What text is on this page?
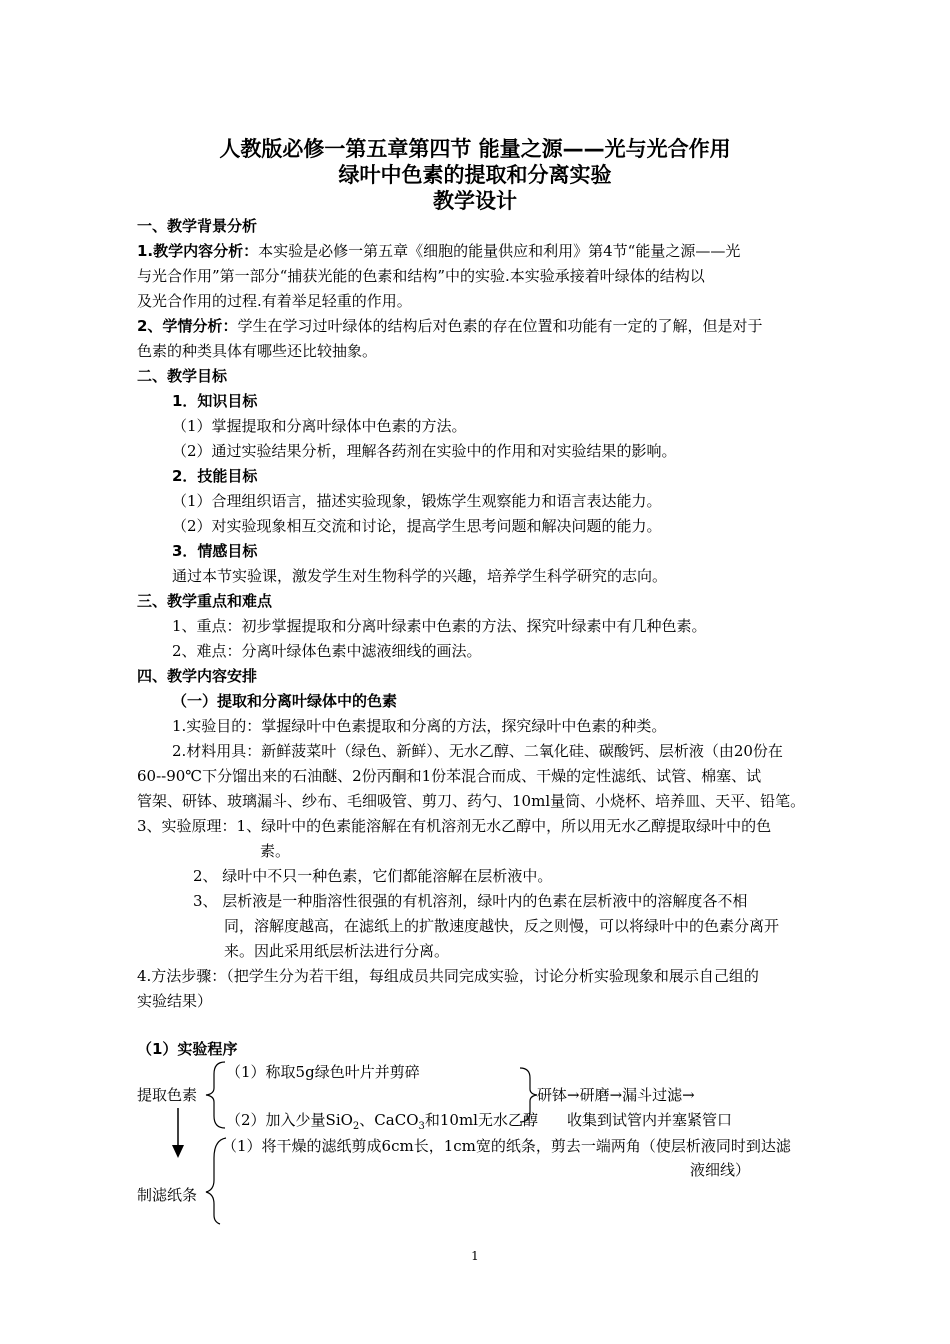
人教版必修一第五章第四节 能量之源——光与光合作用
绿叶中色素的提取和分离实验
教学设计
一、教学背景分析
1.教学内容分析：本实验是必修一第五章《细胞的能量供应和利用》第4节“能量之源——光
与光合作用”第一部分“捕获光能的色素和结构”中的实验.本实验承接着叶绿体的结构以
及光合作用的过程.有着举足轻重的作用。
2、学情分析：学生在学习过叶绿体的结构后对色素的存在位置和功能有一定的了解，但是对于
色素的种类具体有哪些还比较抽象。
二、教学目标
1．知识目标
（1）掌握提取和分离叶绿体中色素的方法。
（2）通过实验结果分析，理解各药剂在实验中的作用和对实验结果的影响。
2．技能目标
（1）合理组织语言，描述实验现象，锻炼学生观察能力和语言表达能力。
（2）对实验现象相互交流和讨论，提高学生思考问题和解决问题的能力。
3．情感目标
通过本节实验课，激发学生对生物科学的兴趣，培养学生科学研究的志向。
三、教学重点和难点
1、重点：初步掌握提取和分离叶绿素中色素的方法、探究叶绿素中有几种色素。
2、难点：分离叶绿体色素中滤液细线的画法。
四、教学内容安排
（一）提取和分离叶绿体中的色素
1.实验目的：掌握绿叶中色素提取和分离的方法，探究绿叶中色素的种类。
2.材料用具：新鲜菠菜叶（绿色、新鲜）、无水乙醇、二氧化硅、碳酸钙、层析液（由20份在
60--90℃下分馏出来的石油醚、2份丙酮和1份苯混合而成、干燥的定性滤纸、试管、棉塞、试
管架、研钵、玻璃漏斗、纱布、毛细吸管、剪刀、药勺、10ml量筒、小烧杯、培养皿、天平、铅笔。
3、实验原理：1、绿叶中的色素能溶解在有机溶剂无水乙醇中，所以用无水乙醇提取绿叶中的色
素。
2、 绿叶中不只一种色素，它们都能溶解在层析液中。
3、 层析液是一种脂溶性很强的有机溶剂，绿叶内的色素在层析液中的溶解度各不相
同，溶解度越高，在滤纸上的扩散速度越快，反之则慢，可以将绿叶中的色素分离开
来。因此采用纸层析法进行分离。
4.方法步骤：（把学生分为若干组，每组成员共同完成实验，讨论分析实验现象和展示自己组的
实验结果）
（1）实验程序
提取色素
（1）称取5g绿色叶片并剪碎
（2）加入少量SiO$_2$、CaCO$_3$和10ml无水乙醇
研钵→研磨→漏斗过滤→
收集到试管内并塞紧管口
（1）将干燥的滤纸剪成6cm长，1cm宽的纸条，剪去一端两角（使层析液同时到达滤
液细线）
制滤纸条
1
